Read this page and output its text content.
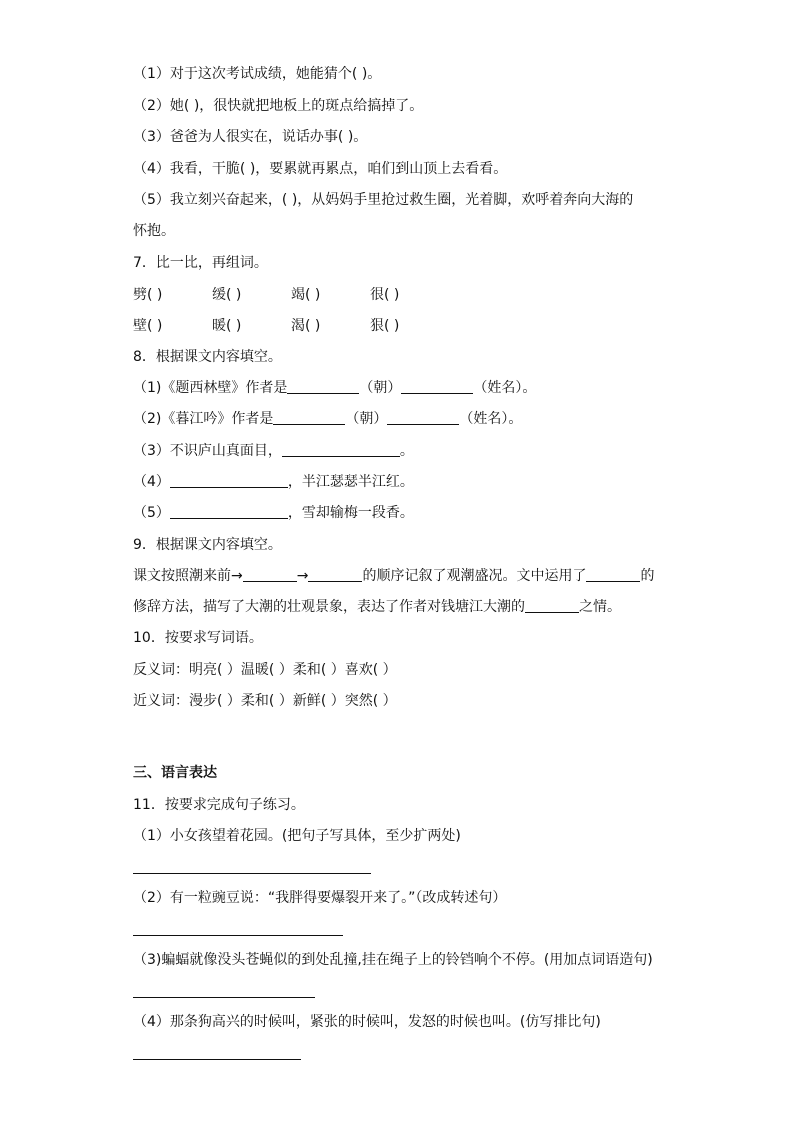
（1）对于这次考试成绩，她能猜个( )。
（2）她( )，很快就把地板上的斑点给搞掉了。
（3）爸爸为人很实在，说话办事( )。
（4）我看，干脆( )，要累就再累点，咱们到山顶上去看看。
（5）我立刻兴奋起来，( )，从妈妈手里抢过救生圈，光着脚，欢呼着奔向大海的
怀抱。
7．比一比，再组词。
劈( )	缓( )	竭( )	很( )
壁( )	暖( )	渴( )	狠( )
8．根据课文内容填空。
（1)《题西林壁》作者是	（朝）	（姓名）。
（2)《暮江吟》作者是	（朝）	（姓名）。
（3）不识庐山真面目，	。
（4）	，半江瑟瑟半江红。
（5）	，雪却输梅一段香。
9．根据课文内容填空。
课文按照潮来前→	→	的顺序记叙了观潮盛况。文中运用了	的
修辞方法，描写了大潮的壮观景象，表达了作者对钱塘江大潮的	之情。
10．按要求写词语。
反义词：明亮( ）温暖( ）柔和( ）喜欢( ）
近义词：漫步( ）柔和( ）新鲜( ）突然( ）
三、语言表达
11．按要求完成句子练习。
（1）小女孩望着花园。(把句子写具体，至少扩两处)
（2）有一粒豌豆说：“我胖得要爆裂开来了。”（改成转述句）
（3)蝙蝠就像没头苍蝇似的到处乱撞,挂在绳子上的铃铛响个不停。(用加点词语造句)
（4）那条狗高兴的时候叫，紧张的时候叫，发怒的时候也叫。(仿写排比句)
